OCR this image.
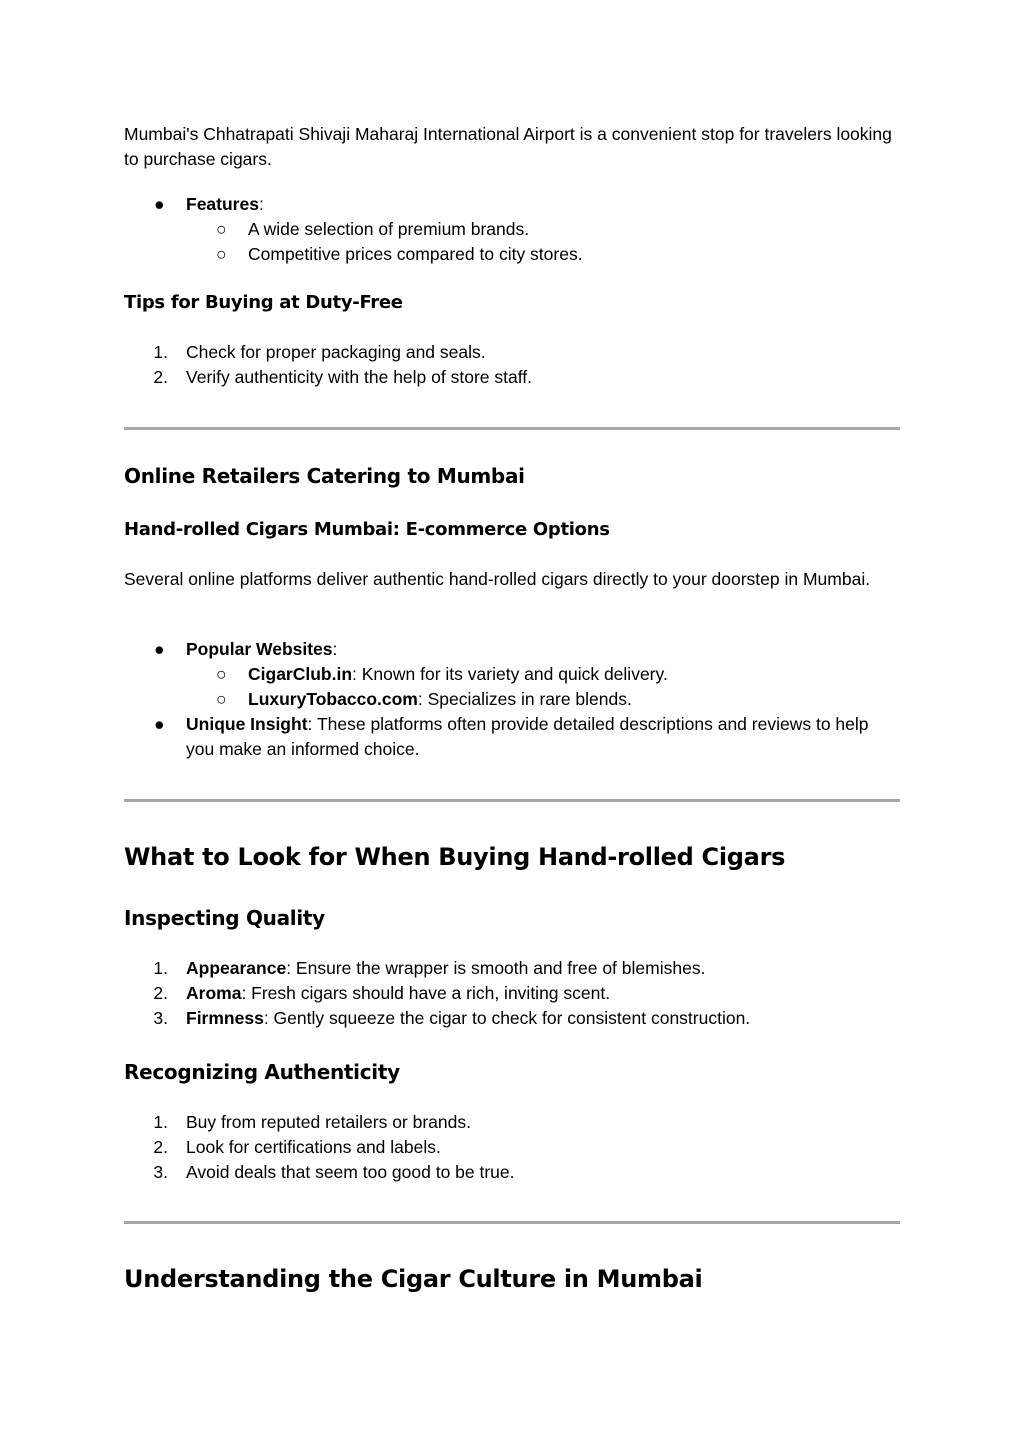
Mumbai's Chhatrapati Shivaji Maharaj International Airport is a convenient stop for travelers looking to purchase cigars.

●	Features:
○ A wide selection of premium brands.
○ Competitive prices compared to city stores.
Tips for Buying at Duty-Free
1. Check for proper packaging and seals.
2. Verify authenticity with the help of store staff.
Online Retailers Catering to Mumbai
Hand-rolled Cigars Mumbai: E-commerce Options

Several online platforms deliver authentic hand-rolled cigars directly to your doorstep in Mumbai.

●	Popular Websites:
○ CigarClub.in: Known for its variety and quick delivery.
○ LuxuryTobacco.com: Specializes in rare blends.
●	Unique Insight: These platforms often provide detailed descriptions and reviews to help you make an informed choice.
What to Look for When Buying Hand-rolled Cigars
Inspecting Quality
1. Appearance: Ensure the wrapper is smooth and free of blemishes.
2. Aroma: Fresh cigars should have a rich, inviting scent.
3. Firmness: Gently squeeze the cigar to check for consistent construction.
Recognizing Authenticity
1. Buy from reputed retailers or brands.
2. Look for certifications and labels.
3. Avoid deals that seem too good to be true.
Understanding the Cigar Culture in Mumbai
